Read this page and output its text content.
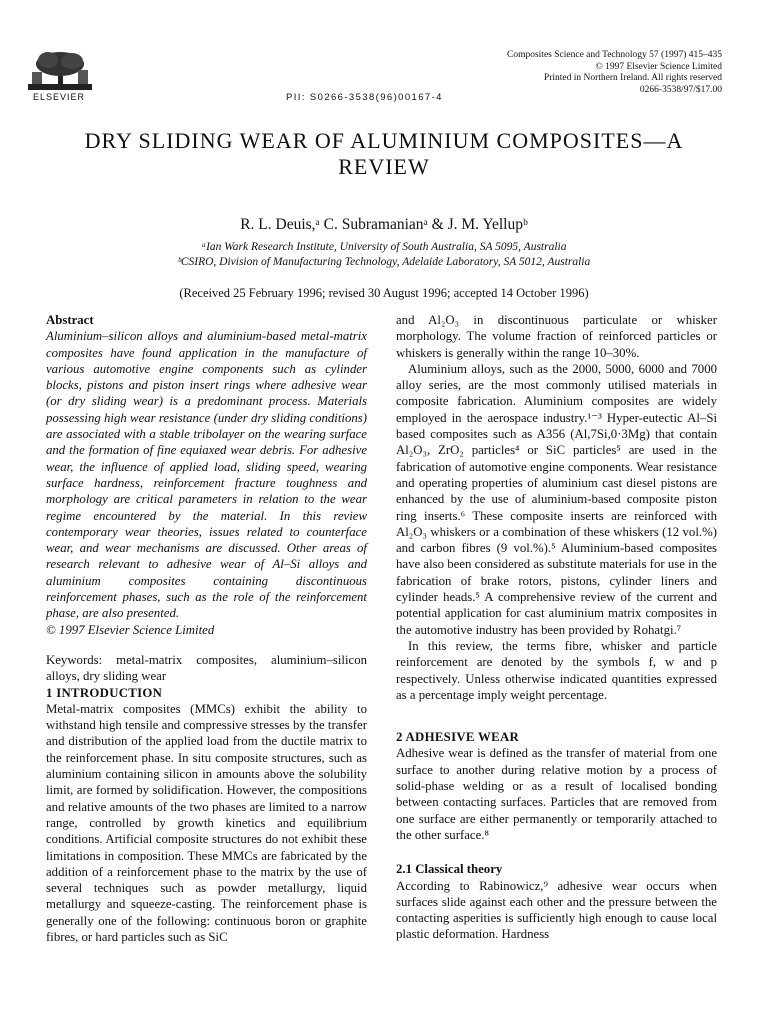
ELSEVIER	PII: S0266-3538(96)00167-4
Composites Science and Technology 57 (1997) 415–435
© 1997 Elsevier Science Limited
Printed in Northern Ireland. All rights reserved
0266-3538/97/$17.00
DRY SLIDING WEAR OF ALUMINIUM COMPOSITES—A
REVIEW
R. L. Deuis,ᵃ C. Subramanianᵃ & J. M. Yellupᵇ
ᵃIan Wark Research Institute, University of South Australia, SA 5095, Australia
ᵇCSIRO, Division of Manufacturing Technology, Adelaide Laboratory, SA 5012, Australia
(Received 25 February 1996; revised 30 August 1996; accepted 14 October 1996)

Abstract

Aluminium–silicon alloys and aluminium-based metal-matrix composites have found application in the manufacture of various automotive engine components such as cylinder blocks, pistons and piston insert rings where adhesive wear (or dry sliding wear) is a predominant process. Materials possessing high wear resistance (under dry sliding conditions) are associated with a stable tribolayer on the wearing surface and the formation of fine equiaxed wear debris. For adhesive wear, the influence of applied load, sliding speed, wearing surface hardness, reinforcement fracture toughness and morphology are critical parameters in relation to the wear regime encountered by the material. In this review contemporary wear theories, issues related to counterface wear, and wear mechanisms are discussed. Other areas of research relevant to adhesive wear of Al–Si alloys and aluminium composites containing discontinuous reinforcement phases, such as the role of the reinforcement phase, are also presented.

© 1997 Elsevier Science Limited

Keywords: metal-matrix composites, aluminium–silicon alloys, dry sliding wear

1 INTRODUCTION

Metal-matrix composites (MMCs) exhibit the ability to withstand high tensile and compressive stresses by the transfer and distribution of the applied load from the ductile matrix to the reinforcement phase. In situ composite structures, such as aluminium containing silicon in amounts above the solubility limit, are formed by solidification. However, the compositions and relative amounts of the two phases are limited to a narrow range, controlled by growth kinetics and equilibrium conditions. Artificial composite structures do not exhibit these limitations in composition. These MMCs are fabricated by the addition of a reinforcement phase to the matrix by the use of several techniques such as powder metallurgy, liquid metallurgy and squeeze-casting. The reinforcement phase is generally one of the following: continuous boron or graphite fibres, or hard particles such as SiC

and Al₂O₃ in discontinuous particulate or whisker morphology. The volume fraction of reinforced particles or whiskers is generally within the range 10–30%.

Aluminium alloys, such as the 2000, 5000, 6000 and 7000 alloy series, are the most commonly utilised materials in composite fabrication. Aluminium composites are widely employed in the aerospace industry.¹⁻³ Hyper-eutectic Al–Si based composites such as A356 (Al,7Si,0·3Mg) that contain Al₂O₃, ZrO₂ particles⁴ or SiC particles⁵ are used in the fabrication of automotive engine components. Wear resistance and operating properties of aluminium cast diesel pistons are enhanced by the use of aluminium-based composite piston ring inserts.⁶ These composite inserts are reinforced with Al₂O₃ whiskers or a combination of these whiskers (12 vol.%) and carbon fibres (9 vol.%).⁵ Aluminium-based composites have also been considered as substitute materials for use in the fabrication of brake rotors, pistons, cylinder liners and cylinder heads.⁵ A comprehensive review of the current and potential application for cast aluminium matrix composites in the automotive industry has been provided by Rohatgi.⁷

In this review, the terms fibre, whisker and particle reinforcement are denoted by the symbols f, w and p respectively. Unless otherwise indicated quantities expressed as a percentage imply weight percentage.

2 ADHESIVE WEAR

Adhesive wear is defined as the transfer of material from one surface to another during relative motion by a process of solid-phase welding or as a result of localised bonding between contacting surfaces. Particles that are removed from one surface are either permanently or temporarily attached to the other surface.⁸

2.1 Classical theory

According to Rabinowicz,⁹ adhesive wear occurs when surfaces slide against each other and the pressure between the contacting asperities is sufficiently high enough to cause local plastic deformation. Hardness
